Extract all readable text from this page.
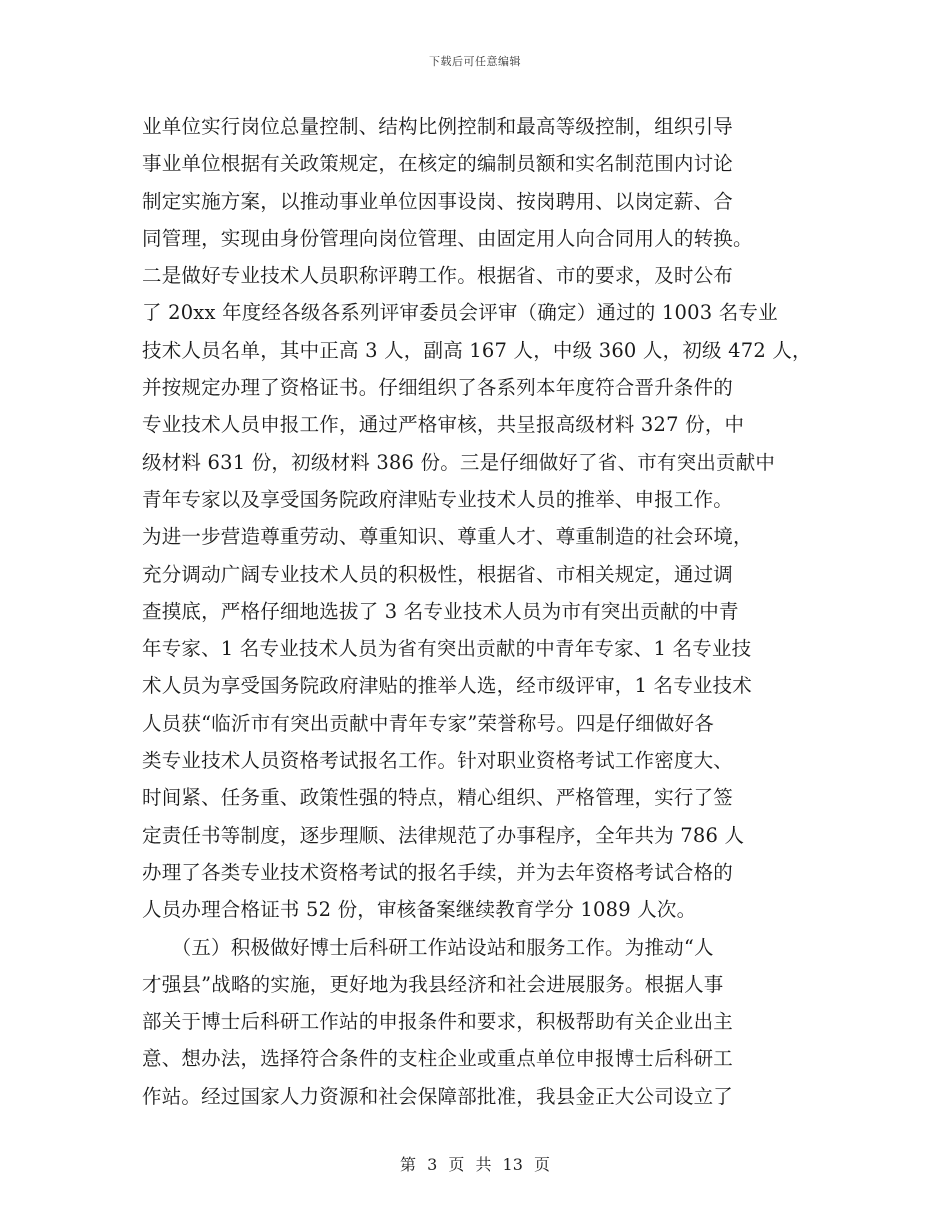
下载后可任意编辑
业单位实行岗位总量控制、结构比例控制和最高等级控制，组织引导
事业单位根据有关政策规定，在核定的编制员额和实名制范围内讨论
制定实施方案，以推动事业单位因事设岗、按岗聘用、以岗定薪、合
同管理，实现由身份管理向岗位管理、由固定用人向合同用人的转换。
二是做好专业技术人员职称评聘工作。根据省、市的要求，及时公布
了 20xx 年度经各级各系列评审委员会评审（确定）通过的 1003 名专业
技术人员名单，其中正高 3 人，副高 167 人，中级 360 人，初级 472 人，
并按规定办理了资格证书。仔细组织了各系列本年度符合晋升条件的
专业技术人员申报工作，通过严格审核，共呈报高级材料 327 份，中
级材料 631 份，初级材料 386 份。三是仔细做好了省、市有突出贡献中
青年专家以及享受国务院政府津贴专业技术人员的推举、申报工作。
为进一步营造尊重劳动、尊重知识、尊重人才、尊重制造的社会环境，
充分调动广阔专业技术人员的积极性，根据省、市相关规定，通过调
查摸底，严格仔细地选拔了 3 名专业技术人员为市有突出贡献的中青
年专家、1 名专业技术人员为省有突出贡献的中青年专家、1 名专业技
术人员为享受国务院政府津贴的推举人选，经市级评审，1 名专业技术
人员获“临沂市有突出贡献中青年专家”荣誉称号。四是仔细做好各
类专业技术人员资格考试报名工作。针对职业资格考试工作密度大、
时间紧、任务重、政策性强的特点，精心组织、严格管理，实行了签
定责任书等制度，逐步理顺、法律规范了办事程序，全年共为 786 人
办理了各类专业技术资格考试的报名手续，并为去年资格考试合格的
人员办理合格证书 52 份，审核备案继续教育学分 1089 人次。
　　（五）积极做好博士后科研工作站设站和服务工作。为推动“人
才强县”战略的实施，更好地为我县经济和社会进展服务。根据人事
部关于博士后科研工作站的申报条件和要求，积极帮助有关企业出主
意、想办法，选择符合条件的支柱企业或重点单位申报博士后科研工
作站。经过国家人力资源和社会保障部批准，我县金正大公司设立了
第 3 页 共 13 页
